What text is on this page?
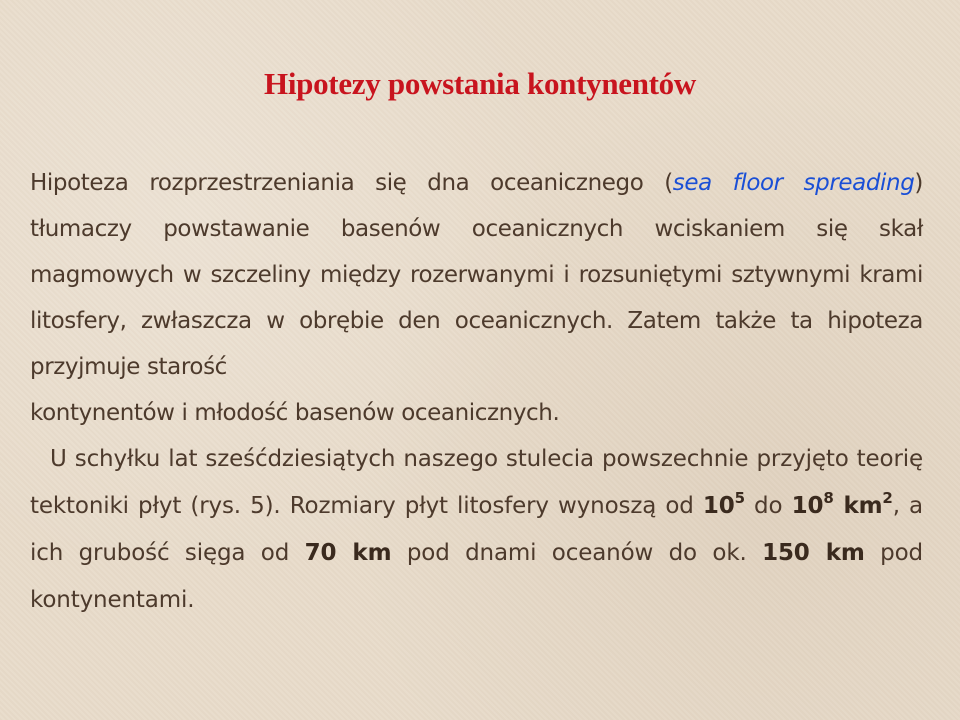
Hipotezy powstania kontynentów
Hipoteza rozprzestrzeniania się dna oceanicznego (sea floor spreading) tłumaczy powstawanie basenów oceanicznych wciskaniem się skał magmowych w szczeliny między rozerwanymi i rozsuniętymi sztywnymi krami litosfery, zwłaszcza w obrębie den oceanicznych. Zatem także ta hipoteza przyjmuje starość
kontynentów i młodość basenów oceanicznych.
U schyłku lat sześćdziesiątych naszego stulecia powszechnie przyjęto teorię tektoniki płyt (rys. 5). Rozmiary płyt litosfery wynoszą od $10^5$ do $10^8$ $km^2$, a ich grubość sięga od 70 km pod dnami oceanów do ok. 150 km pod kontynentami.
